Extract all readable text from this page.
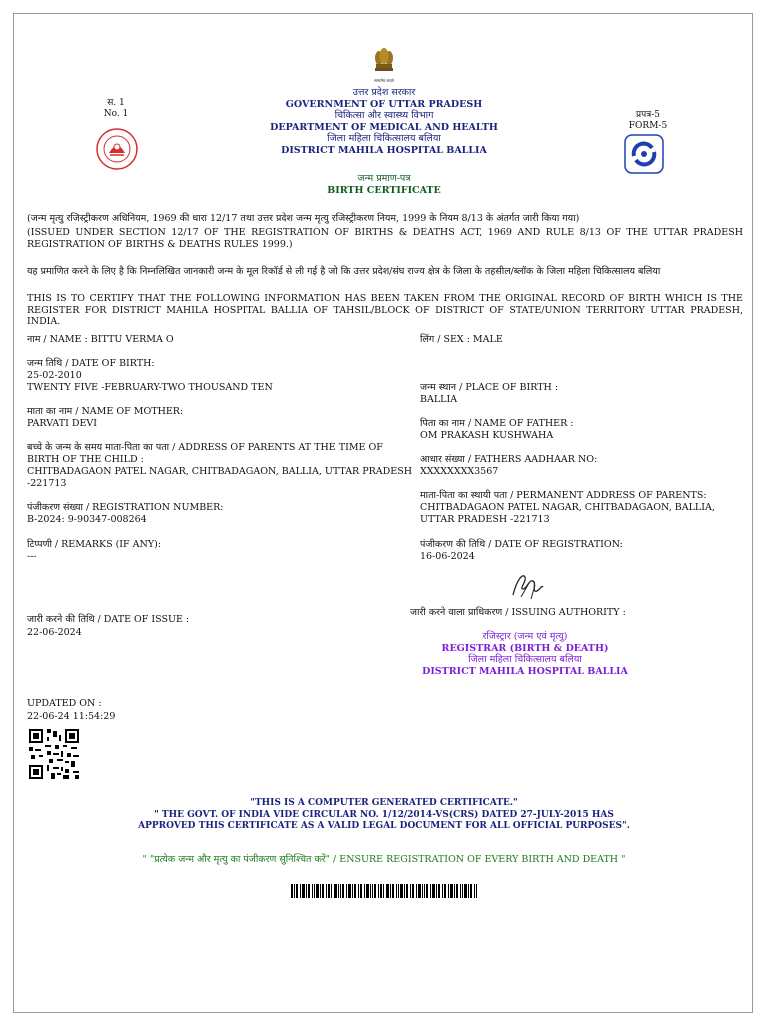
सत्यमेव जयते
स. 1
No. 1	प्रपत्र-5
FORM-5
उत्तर प्रदेश सरकार
GOVERNMENT OF UTTAR PRADESH
चिकित्सा और स्वास्थ्य विभाग
DEPARTMENT OF MEDICAL AND HEALTH
जिला महिला चिकित्सालय बलिया
DISTRICT MAHILA HOSPITAL BALLIA
जन्म प्रमाण-पत्र
BIRTH CERTIFICATE
(जन्म मृत्यु रजिस्ट्रीकरण अधिनियम, 1969 की धारा 12/17 तथा उत्तर प्रदेश जन्म मृत्यु रजिस्ट्रीकरण नियम, 1999 के नियम 8/13 के अंतर्गत जारी किया गया)
(ISSUED UNDER SECTION 12/17 OF THE REGISTRATION OF BIRTHS & DEATHS ACT, 1969 AND RULE 8/13 OF THE UTTAR PRADESH REGISTRATION OF BIRTHS & DEATHS RULES 1999.)
यह प्रमाणित करने के लिए है कि निम्नलिखित जानकारी जन्म के मूल रिकॉर्ड से ली गई है जो कि उत्तर प्रदेश/संघ राज्य क्षेत्र के जिला के तहसील/ब्लॉक के जिला महिला चिकित्सालय बलिया
THIS IS TO CERTIFY THAT THE FOLLOWING INFORMATION HAS BEEN TAKEN FROM THE ORIGINAL RECORD OF BIRTH WHICH IS THE REGISTER FOR DISTRICT MAHILA HOSPITAL BALLIA OF TAHSIL/BLOCK OF DISTRICT OF STATE/UNION TERRITORY UTTAR PRADESH, INDIA.
नाम / NAME : BITTU VERMA O
जन्म तिथि / DATE OF BIRTH:
25-02-2010
TWENTY FIVE -FEBRUARY-TWO THOUSAND TEN
माता का नाम / NAME OF MOTHER:
PARVATI DEVI
बच्चे के जन्म के समय माता-पिता का पता / ADDRESS OF PARENTS AT THE TIME OF
BIRTH OF THE CHILD :
CHITBADAGAON PATEL NAGAR, CHITBADAGAON, BALLIA, UTTAR PRADESH
-221713
पंजीकरण संख्या / REGISTRATION NUMBER:
B-2024: 9-90347-008264
टिप्पणी / REMARKS (IF ANY):
---
जारी करने की तिथि / DATE OF ISSUE :
22-06-2024
UPDATED ON :
22-06-24 11:54:29
लिंग / SEX : MALE
जन्म स्थान / PLACE OF BIRTH :
BALLIA
पिता का नाम / NAME OF FATHER :
OM PRAKASH KUSHWAHA
आधार संख्या / FATHERS AADHAAR NO:
XXXXXXXX3567
माता-पिता का स्थायी पता / PERMANENT ADDRESS OF PARENTS:
CHITBADAGAON PATEL NAGAR, CHITBADAGAON, BALLIA,
UTTAR PRADESH -221713
पंजीकरण की तिथि / DATE OF REGISTRATION:
16-06-2024
जारी करने वाला प्राधिकरण / ISSUING AUTHORITY :
रजिस्ट्रार (जन्म एवं मृत्यु)
REGISTRAR (BIRTH & DEATH)
जिला महिला चिकित्सालय बलिया
DISTRICT MAHILA HOSPITAL BALLIA
"THIS IS A COMPUTER GENERATED CERTIFICATE."
" THE GOVT. OF INDIA VIDE CIRCULAR NO. 1/12/2014-VS(CRS) DATED 27-JULY-2015 HAS
APPROVED THIS CERTIFICATE AS A VALID LEGAL DOCUMENT FOR ALL OFFICIAL PURPOSES".
" "प्रत्येक जन्म और मृत्यु का पंजीकरण सुनिश्चित करें" / ENSURE REGISTRATION OF EVERY BIRTH AND DEATH "
